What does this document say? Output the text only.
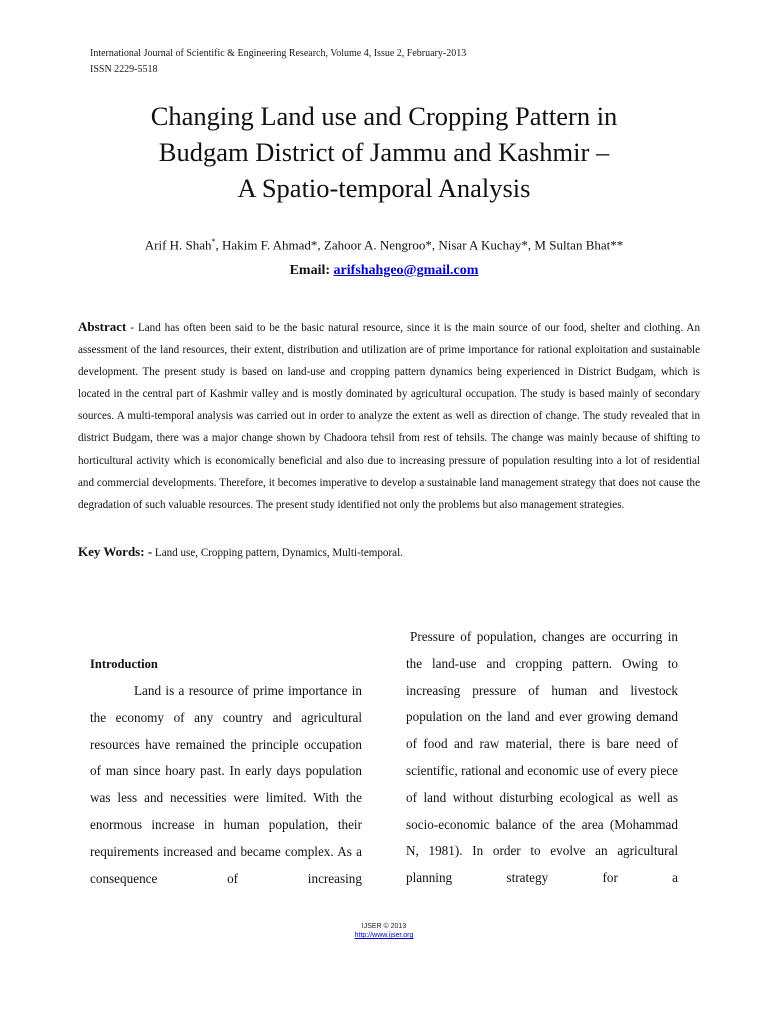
International Journal of Scientific & Engineering Research, Volume 4, Issue 2, February-2013
ISSN 2229-5518
Changing Land use and Cropping Pattern in
Budgam District of Jammu and Kashmir –
A Spatio-temporal Analysis
Arif H. Shah*, Hakim F. Ahmad*, Zahoor A. Nengroo*, Nisar A Kuchay*, M Sultan Bhat**
Email: arifshahgeo@gmail.com
Abstract - Land has often been said to be the basic natural resource, since it is the main source of our food, shelter and clothing. An assessment of the land resources, their extent, distribution and utilization are of prime importance for rational exploitation and sustainable development. The present study is based on land-use and cropping pattern dynamics being experienced in District Budgam, which is located in the central part of Kashmir valley and is mostly dominated by agricultural occupation. The study is based mainly of secondary sources. A multi-temporal analysis was carried out in order to analyze the extent as well as direction of change. The study revealed that in district Budgam, there was a major change shown by Chadoora tehsil from rest of tehsils. The change was mainly because of shifting to horticultural activity which is economically beneficial and also due to increasing pressure of population resulting into a lot of residential and commercial developments. Therefore, it becomes imperative to develop a sustainable land management strategy that does not cause the degradation of such valuable resources. The present study identified not only the problems but also management strategies.
Key Words: - Land use, Cropping pattern, Dynamics, Multi-temporal.
Introduction
Land is a resource of prime importance in the economy of any country and agricultural resources have remained the principle occupation of man since hoary past. In early days population was less and necessities were limited. With the enormous increase in human population, their requirements increased and became complex. As a consequence of increasing
Pressure of population, changes are occurring in the land-use and cropping pattern. Owing to increasing pressure of human and livestock population on the land and ever growing demand of food and raw material, there is bare need of scientific, rational and economic use of every piece of land without disturbing ecological as well as socio-economic balance of the area (Mohammad N, 1981). In order to evolve an agricultural planning strategy for a
IJSER © 2013
http://www.ijser.org
